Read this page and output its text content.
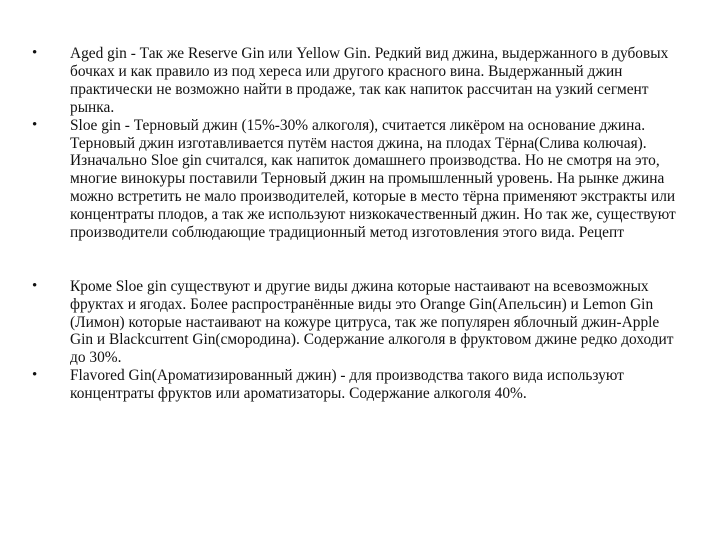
•	Aged gin - Так же Reserve Gin или Yellow Gin. Редкий вид джина, выдержанного в дубовых бочках и как правило из под хереса или другого красного вина. Выдержанный джин практически не возможно найти в продаже, так как напиток рассчитан на узкий сегмент рынка.
•	Sloe gin - Терновый джин (15%-30% алкоголя), считается ликёром на основание джина. Терновый джин изготавливается путём настоя джина, на плодах Тёрна(Слива колючая). Изначально Sloe gin считался, как напиток домашнего производства. Но не смотря на это, многие винокуры поставили Терновый джин на промышленный уровень. На рынке джина можно встретить не мало производителей, которые в место тёрна применяют экстракты или концентраты плодов, а так же используют низкокачественный джин. Но так же, существуют производители соблюдающие традиционный метод изготовления этого вида. Рецепт
•	Кроме Sloe gin существуют и другие виды джина которые настаивают на всевозможных фруктах и ягодах. Более распространённые виды это Orange Gin(Апельсин) и Lemon Gin (Лимон) которые настаивают на кожуре цитруса, так же популярен яблочный джин-Apple Gin и Blackcurrent Gin(смородина). Содержание алкоголя в фруктовом джине редко доходит до 30%.
•	Flavored Gin(Ароматизированный джин) - для производства такого вида используют концентраты фруктов или ароматизаторы. Содержание алкоголя 40%.
